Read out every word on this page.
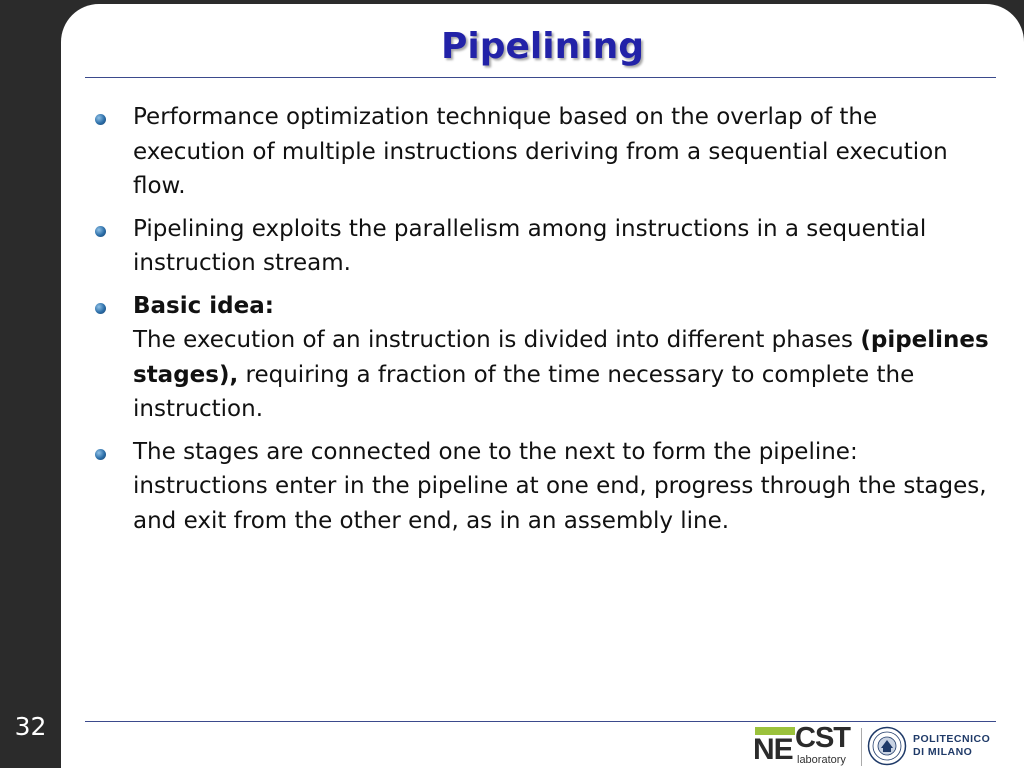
32
Pipelining
Performance optimization technique based on the overlap of the execution of multiple instructions deriving from a sequential execution flow.
Pipelining exploits the parallelism among instructions in a sequential instruction stream.
Basic idea:
The execution of an instruction is divided into different phases (pipelines stages), requiring a fraction of the time necessary to complete the instruction.
The stages are connected one to the next to form the pipeline: instructions enter in the pipeline at one end, progress through the stages, and exit from the other end, as in an assembly line.
NE CST
laboratory
POLITECNICO
DI MILANO
